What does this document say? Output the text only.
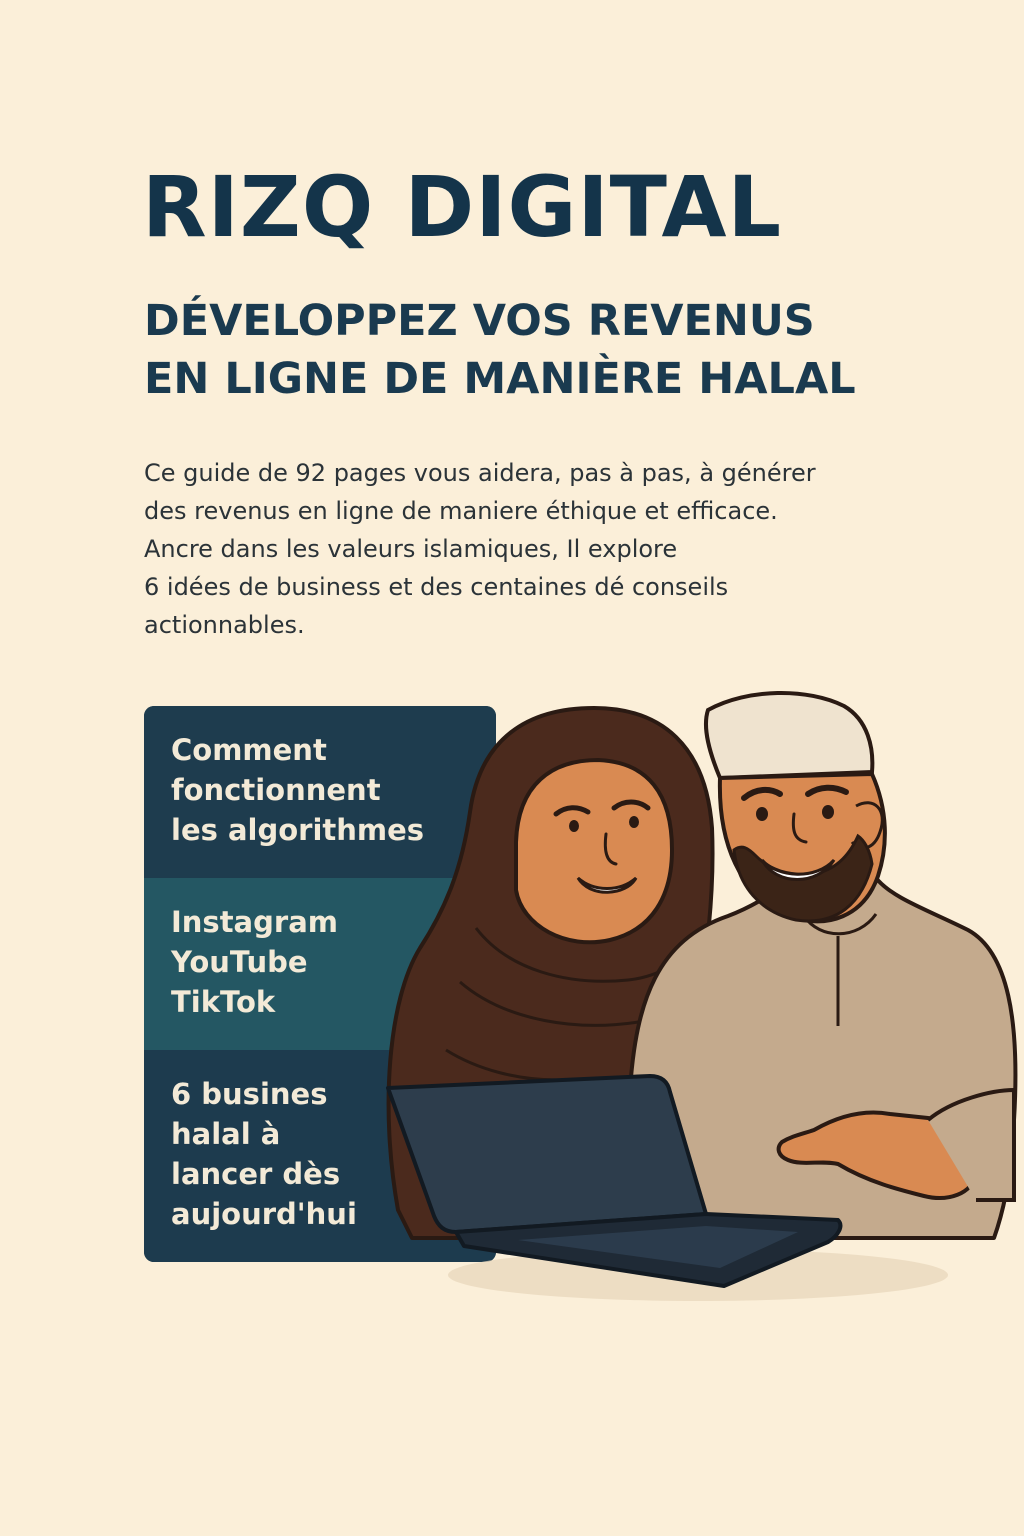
RIZQ DIGITAL
DÉVELOPPEZ VOS REVENUS
EN LIGNE DE MANIÈRE HALAL
Ce guide de 92 pages vous aidera, pas à pas, à générer
des revenus en ligne de maniere éthique et efficace.
Ancre dans les valeurs islamiques, Il explore
6 idées de business et des centaines dé conseils
actionnables.
Comment
fonctionnent
les algorithmes
Instagram
YouTube
TikTok
6 busines
halal à
lancer dès
aujourd'hui
